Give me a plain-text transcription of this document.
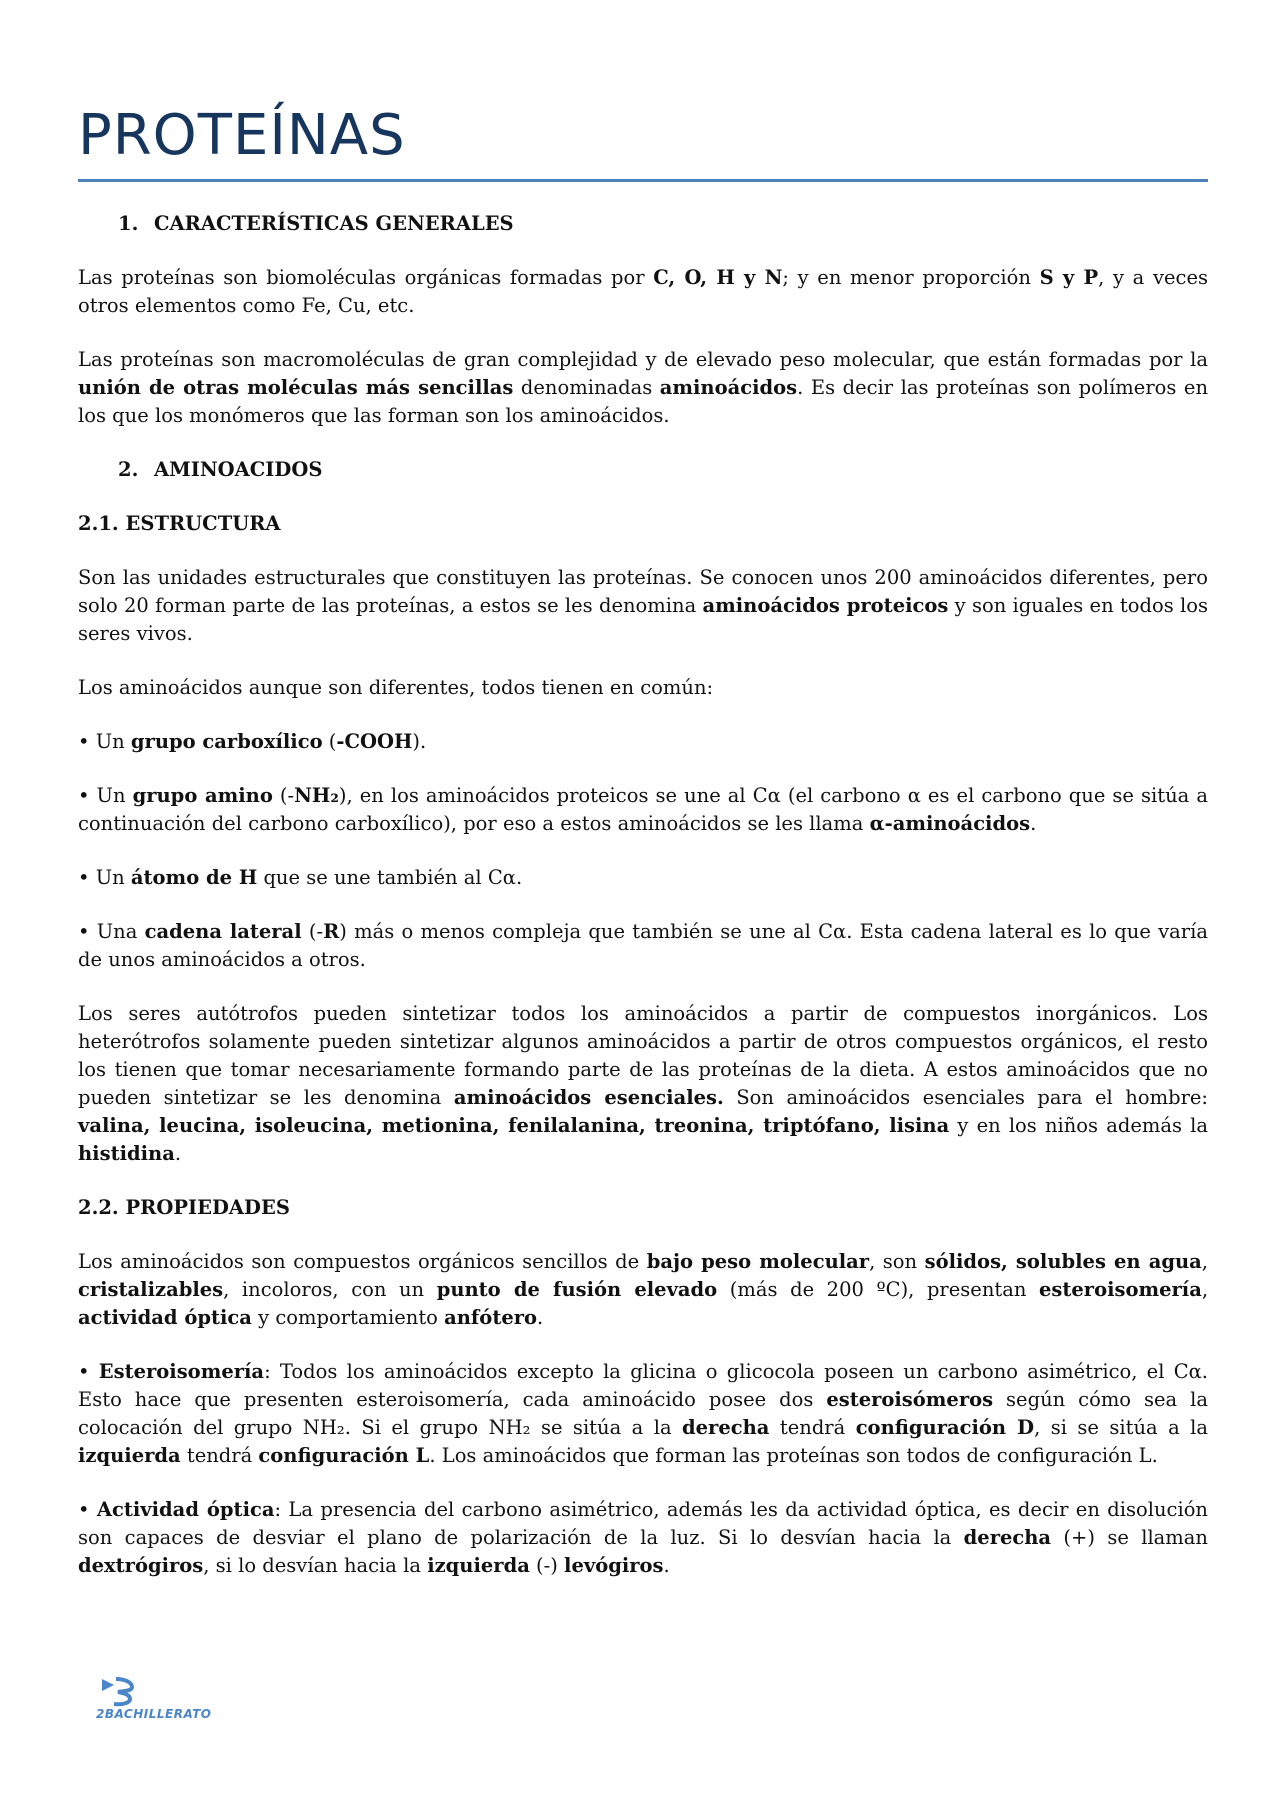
PROTEÍNAS
1. CARACTERÍSTICAS GENERALES

Las proteínas son biomoléculas orgánicas formadas por C, O, H y N; y en menor proporción S y P, y a veces otros elementos como Fe, Cu, etc.

Las proteínas son macromoléculas de gran complejidad y de elevado peso molecular, que están formadas por la unión de otras moléculas más sencillas denominadas aminoácidos. Es decir las proteínas son polímeros en los que los monómeros que las forman son los aminoácidos.

2. AMINOACIDOS
2.1. ESTRUCTURA

Son las unidades estructurales que constituyen las proteínas. Se conocen unos 200 aminoácidos diferentes, pero solo 20 forman parte de las proteínas, a estos se les denomina aminoácidos proteicos y son iguales en todos los seres vivos.

Los aminoácidos aunque son diferentes, todos tienen en común:

• Un grupo carboxílico (-COOH).

• Un grupo amino (-NH₂), en los aminoácidos proteicos se une al Cα (el carbono α es el carbono que se sitúa a continuación del carbono carboxílico), por eso a estos aminoácidos se les llama α-aminoácidos.

• Un átomo de H que se une también al Cα.

• Una cadena lateral (-R) más o menos compleja que también se une al Cα. Esta cadena lateral es lo que varía de unos aminoácidos a otros.

Los seres autótrofos pueden sintetizar todos los aminoácidos a partir de compuestos inorgánicos. Los heterótrofos solamente pueden sintetizar algunos aminoácidos a partir de otros compuestos orgánicos, el resto los tienen que tomar necesariamente formando parte de las proteínas de la dieta. A estos aminoácidos que no pueden sintetizar se les denomina aminoácidos esenciales. Son aminoácidos esenciales para el hombre: valina, leucina, isoleucina, metionina, fenilalanina, treonina, triptófano, lisina y en los niños además la histidina.

2.2. PROPIEDADES

Los aminoácidos son compuestos orgánicos sencillos de bajo peso molecular, son sólidos, solubles en agua, cristalizables, incoloros, con un punto de fusión elevado (más de 200 ºC), presentan esteroisomería, actividad óptica y comportamiento anfótero.

• Esteroisomería: Todos los aminoácidos excepto la glicina o glicocola poseen un carbono asimétrico, el Cα. Esto hace que presenten esteroisomería, cada aminoácido posee dos esteroisómeros según cómo sea la colocación del grupo NH₂. Si el grupo NH₂ se sitúa a la derecha tendrá configuración D, si se sitúa a la izquierda tendrá configuración L. Los aminoácidos que forman las proteínas son todos de configuración L.

• Actividad óptica: La presencia del carbono asimétrico, además les da actividad óptica, es decir en disolución son capaces de desviar el plano de polarización de la luz. Si lo desvían hacia la derecha (+) se llaman dextrógiros, si lo desvían hacia la izquierda (-) levógiros.

2BACHILLERATO
